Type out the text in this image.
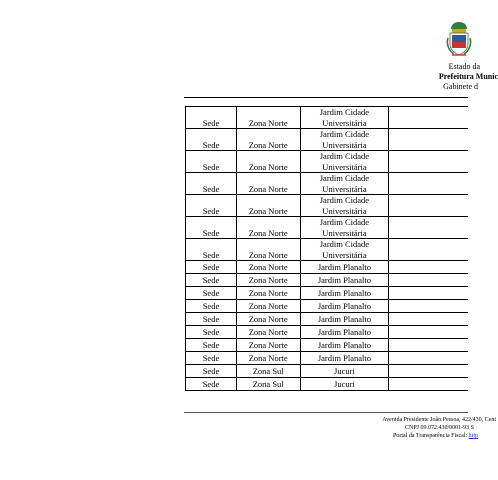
Estado da
Prefeitura Munic
Gabinete d
Sede	Zona Norte	Jardim Cidade
Universitária	
Sede	Zona Norte	Jardim Cidade
Universitária	
Sede	Zona Norte	Jardim Cidade
Universitária	
Sede	Zona Norte	Jardim Cidade
Universitária	
Sede	Zona Norte	Jardim Cidade
Universitária	
Sede	Zona Norte	Jardim Cidade
Universitária	
Sede	Zona Norte	Jardim Cidade
Universitária	
Sede	Zona Norte	Jardim Planalto	
Sede	Zona Norte	Jardim Planalto	
Sede	Zona Norte	Jardim Planalto	
Sede	Zona Norte	Jardim Planalto	
Sede	Zona Norte	Jardim Planalto	
Sede	Zona Norte	Jardim Planalto	
Sede	Zona Norte	Jardim Planalto	
Sede	Zona Norte	Jardim Planalto	
Sede	Zona Sul	Jucuri	
Sede	Zona Sul	Jucuri	
Avenida Presidente João Pessoa, 422/430, Cent
CNPJ 09.072.430/0001-93 S
Portal da Transparência Fiscal: http
